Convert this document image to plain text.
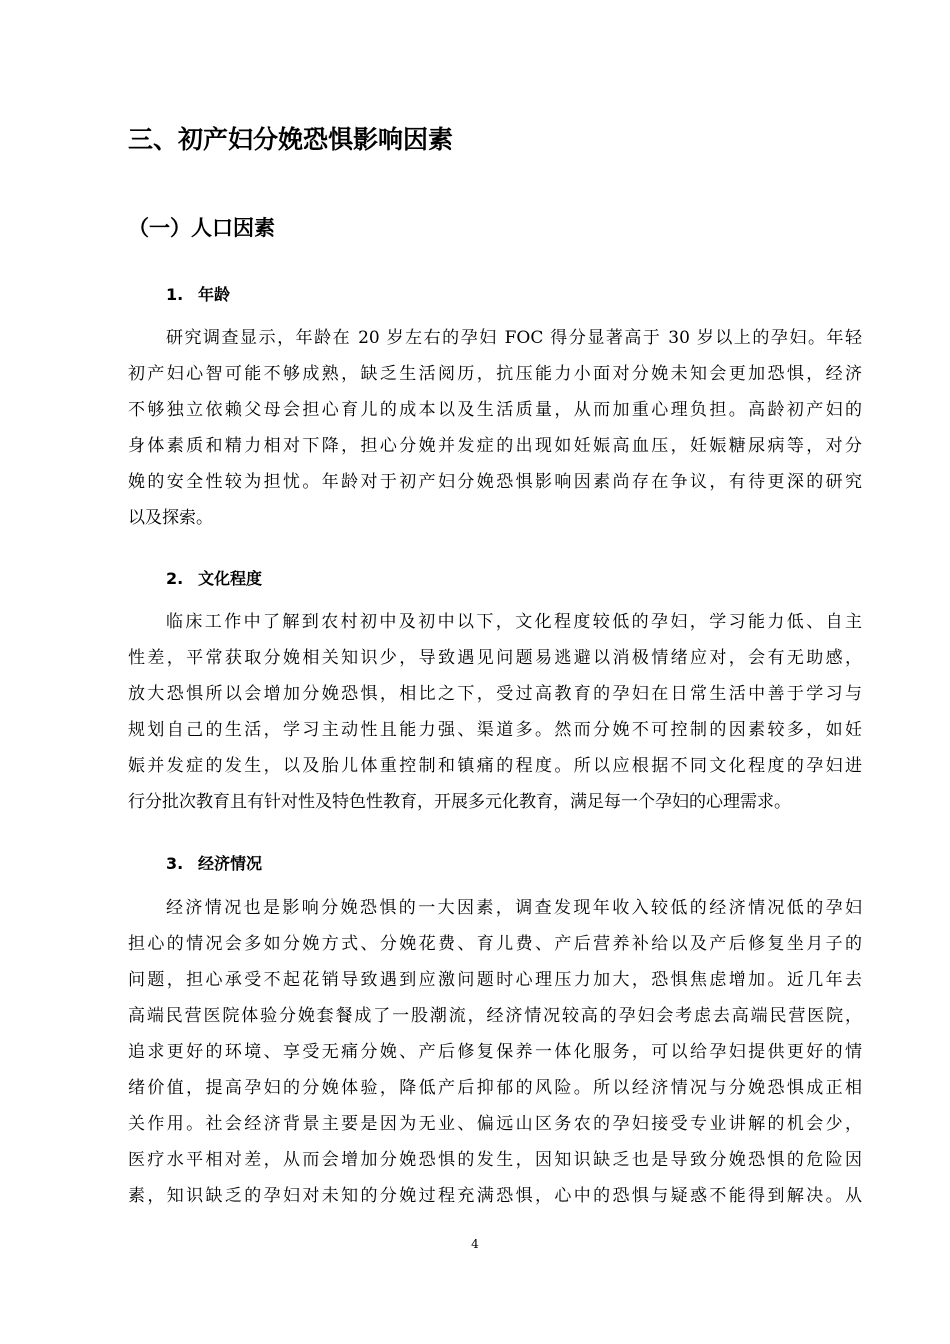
三、初产妇分娩恐惧影响因素
（一）人口因素
1. 年龄
研究调查显示，年龄在 20 岁左右的孕妇 FOC 得分显著高于 30 岁以上的孕妇。年轻
初产妇心智可能不够成熟，缺乏生活阅历，抗压能力小面对分娩未知会更加恐惧，经济
不够独立依赖父母会担心育儿的成本以及生活质量，从而加重心理负担。高龄初产妇的
身体素质和精力相对下降，担心分娩并发症的出现如妊娠高血压，妊娠糖尿病等，对分
娩的安全性较为担忧。年龄对于初产妇分娩恐惧影响因素尚存在争议，有待更深的研究
以及探索。
2. 文化程度
临床工作中了解到农村初中及初中以下，文化程度较低的孕妇，学习能力低、自主
性差，平常获取分娩相关知识少，导致遇见问题易逃避以消极情绪应对，会有无助感，
放大恐惧所以会增加分娩恐惧，相比之下，受过高教育的孕妇在日常生活中善于学习与
规划自己的生活，学习主动性且能力强、渠道多。然而分娩不可控制的因素较多，如妊
娠并发症的发生，以及胎儿体重控制和镇痛的程度。所以应根据不同文化程度的孕妇进
行分批次教育且有针对性及特色性教育，开展多元化教育，满足每一个孕妇的心理需求。
3. 经济情况
经济情况也是影响分娩恐惧的一大因素，调查发现年收入较低的经济情况低的孕妇
担心的情况会多如分娩方式、分娩花费、育儿费、产后营养补给以及产后修复坐月子的
问题，担心承受不起花销导致遇到应激问题时心理压力加大，恐惧焦虑增加。近几年去
高端民营医院体验分娩套餐成了一股潮流，经济情况较高的孕妇会考虑去高端民营医院，
追求更好的环境、享受无痛分娩、产后修复保养一体化服务，可以给孕妇提供更好的情
绪价值，提高孕妇的分娩体验，降低产后抑郁的风险。所以经济情况与分娩恐惧成正相
关作用。社会经济背景主要是因为无业、偏远山区务农的孕妇接受专业讲解的机会少，
医疗水平相对差，从而会增加分娩恐惧的发生，因知识缺乏也是导致分娩恐惧的危险因
素，知识缺乏的孕妇对未知的分娩过程充满恐惧，心中的恐惧与疑惑不能得到解决。从
4
